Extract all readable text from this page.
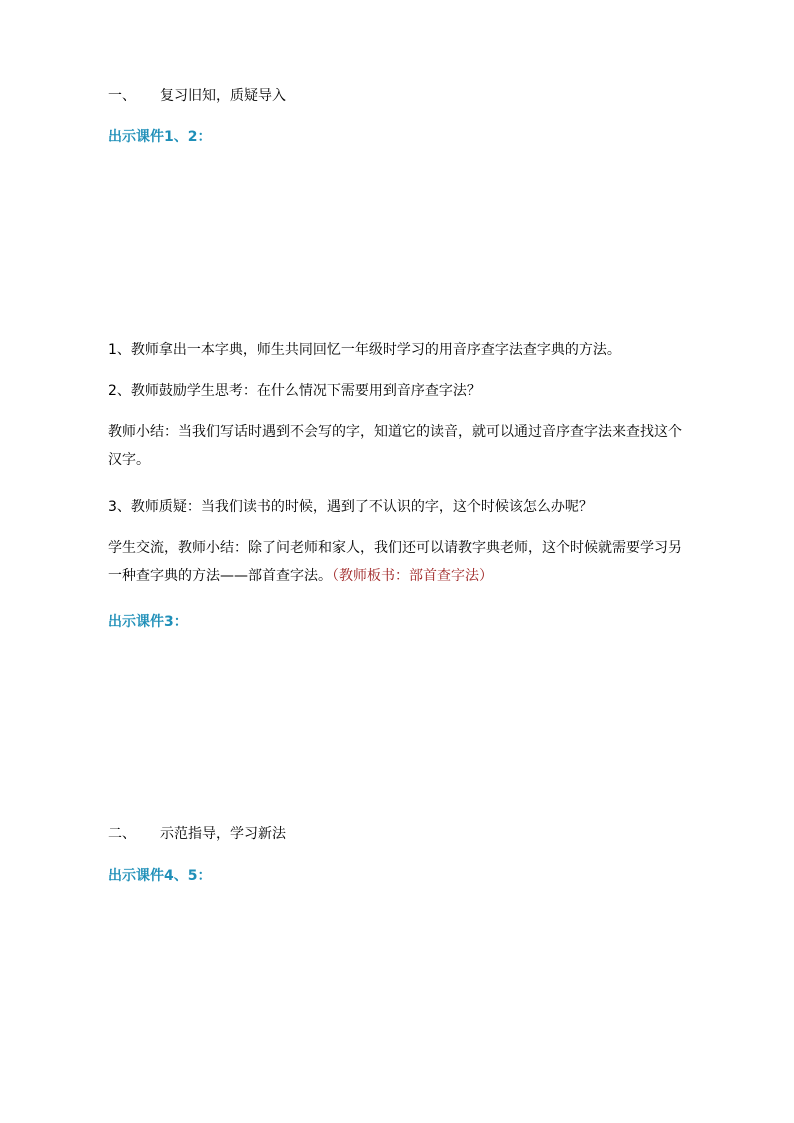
一、 复习旧知，质疑导入
出示课件1、2：
1、教师拿出一本字典，师生共同回忆一年级时学习的用音序查字法查字典的方法。
2、教师鼓励学生思考：在什么情况下需要用到音序查字法？
教师小结：当我们写话时遇到不会写的字，知道它的读音，就可以通过音序查字法来查找这个汉字。
3、教师质疑：当我们读书的时候，遇到了不认识的字，这个时候该怎么办呢？
学生交流，教师小结：除了问老师和家人，我们还可以请教字典老师，这个时候就需要学习另一种查字典的方法——部首查字法。（教师板书：部首查字法）
出示课件3：
二、 示范指导，学习新法
出示课件4、5：
